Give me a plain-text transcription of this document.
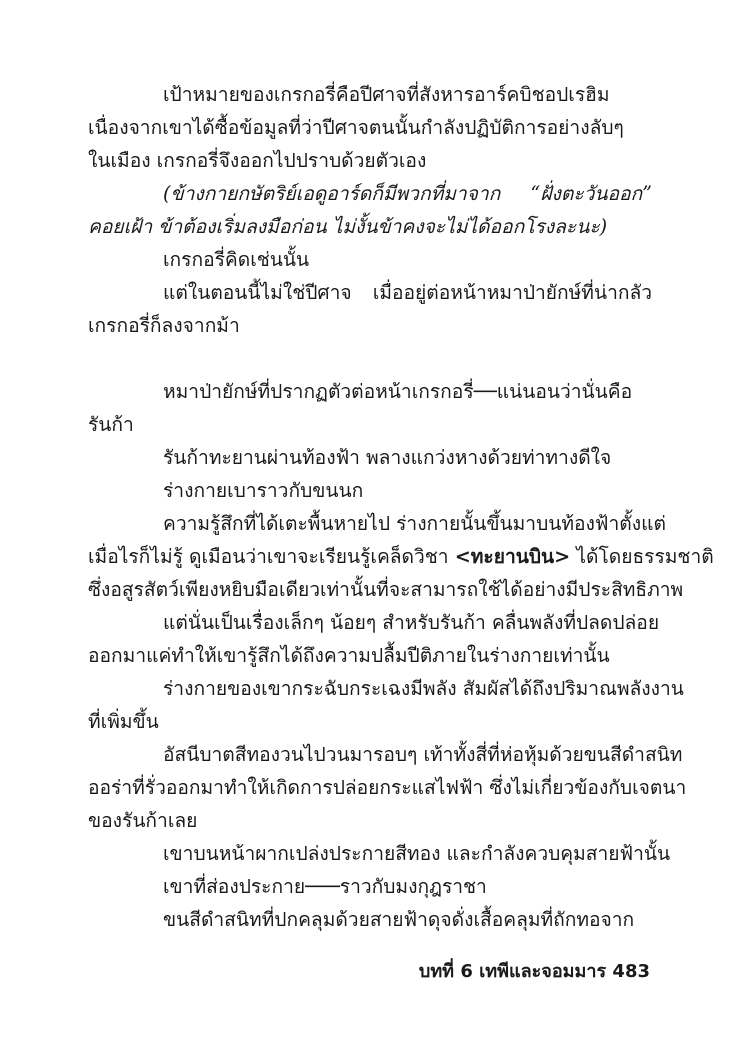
เป้าหมายของเกรกอรี่คือปีศาจที่สังหารอาร์คบิชอปเรฮิม
เนื่องจากเขาได้ซื้อข้อมูลที่ว่าปีศาจตนนั้นกำลังปฏิบัติการอย่างลับๆ
ในเมือง เกรกอรี่จึงออกไปปราบด้วยตัวเอง
(ข้างกายกษัตริย์เอดูอาร์ดก็มีพวกที่มาจาก “ฝั่งตะวันออก”
คอยเฝ้า ข้าต้องเริ่มลงมือก่อน ไม่งั้นข้าคงจะไม่ได้ออกโรงละนะ)
เกรกอรี่คิดเช่นนั้น
แต่ในตอนนี้ไม่ใช่ปีศาจ เมื่ออยู่ต่อหน้าหมาป่ายักษ์ที่น่ากลัว
เกรกอรี่ก็ลงจากม้า
หมาป่ายักษ์ที่ปรากฏตัวต่อหน้าเกรกอรี่──แน่นอนว่านั่นคือ
รันก้า
รันก้าทะยานผ่านท้องฟ้า พลางแกว่งหางด้วยท่าทางดีใจ
ร่างกายเบาราวกับขนนก
ความรู้สึกที่ได้เตะพื้นหายไป ร่างกายนั้นขึ้นมาบนท้องฟ้าตั้งแต่
เมื่อไรก็ไม่รู้ ดูเมือนว่าเขาจะเรียนรู้เคล็ดวิชา <ทะยานบิน> ได้โดยธรรมชาติ
ซึ่งอสูรสัตว์เพียงหยิบมือเดียวเท่านั้นที่จะสามารถใช้ได้อย่างมีประสิทธิภาพ
แต่นั่นเป็นเรื่องเล็กๆ น้อยๆ สำหรับรันก้า คลื่นพลังที่ปลดปล่อย
ออกมาแค่ทำให้เขารู้สึกได้ถึงความปลื้มปีติภายในร่างกายเท่านั้น
ร่างกายของเขากระฉับกระเฉงมีพลัง สัมผัสได้ถึงปริมาณพลังงาน
ที่เพิ่มขึ้น
อัสนีบาตสีทองวนไปวนมารอบๆ เท้าทั้งสี่ที่ห่อหุ้มด้วยขนสีดำสนิท
ออร่าที่รั่วออกมาทำให้เกิดการปล่อยกระแสไฟฟ้า ซึ่งไม่เกี่ยวข้องกับเจตนา
ของรันก้าเลย
เขาบนหน้าผากเปล่งประกายสีทอง และกำลังควบคุมสายฟ้านั้น
เขาที่ส่องประกาย───ราวกับมงกุฎราชา
ขนสีดำสนิทที่ปกคลุมด้วยสายฟ้าดุจดั่งเสื้อคลุมที่ถักทอจาก
บทที่ 6 เทพีและจอมมาร 483
